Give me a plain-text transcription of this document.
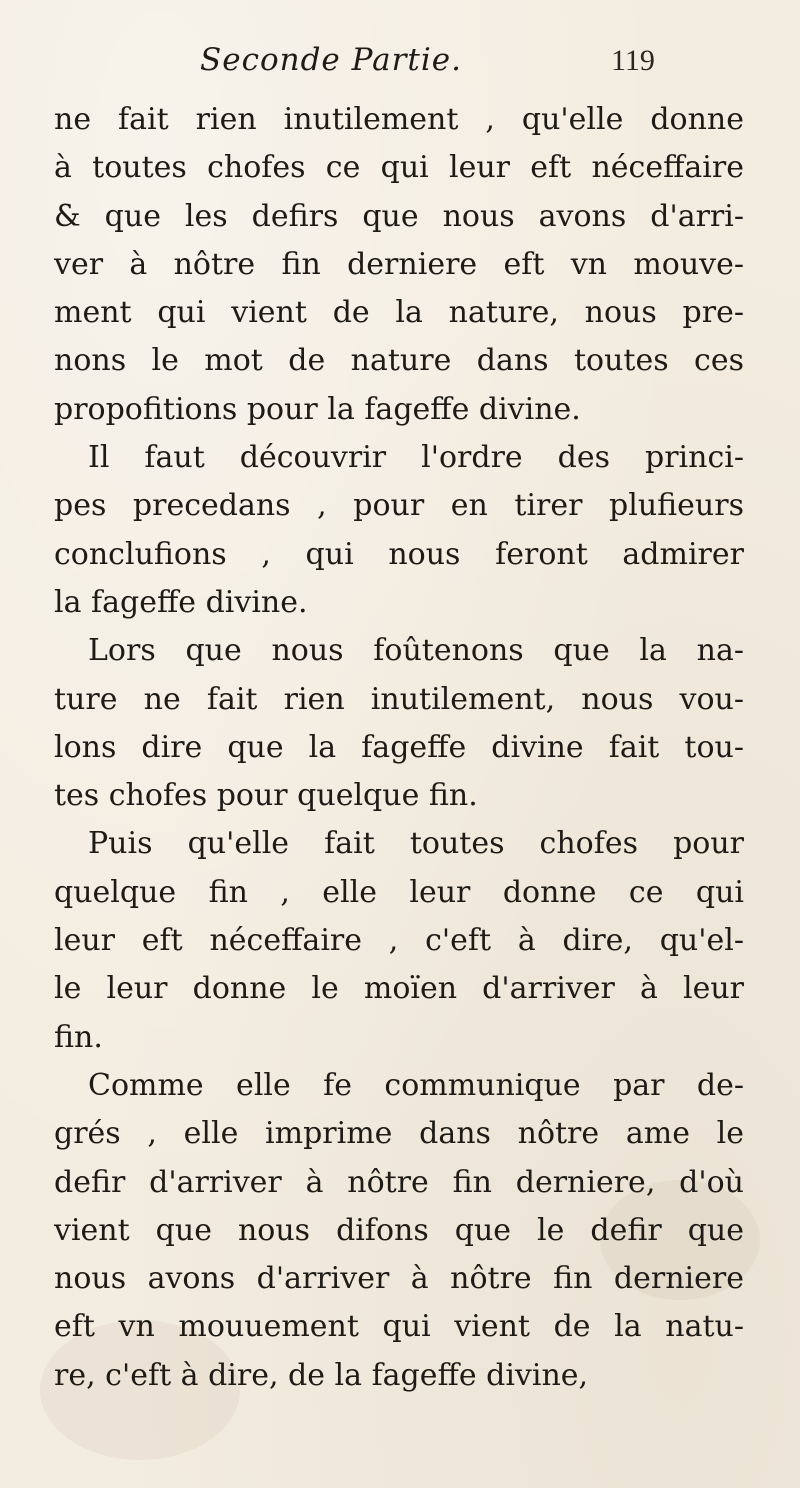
Seconde Partie.	119
ne fait rien inutilement , qu'elle donne
à toutes chofes ce qui leur eft néceffaire
& que les defirs que nous avons d'arri-
ver à nôtre fin derniere eft vn mouve-
ment qui vient de la nature, nous pre-
nons le mot de nature dans toutes ces
propofitions pour la fageffe divine.
Il faut découvrir l'ordre des princi-
pes precedans , pour en tirer plufieurs
conclufions , qui nous feront admirer
la fageffe divine.
Lors que nous foûtenons que la na-
ture ne fait rien inutilement, nous vou-
lons dire que la fageffe divine fait tou-
tes chofes pour quelque fin.
Puis qu'elle fait toutes chofes pour
quelque fin , elle leur donne ce qui
leur eft néceffaire , c'eft à dire, qu'el-
le leur donne le moïen d'arriver à leur
fin.
Comme elle fe communique par de-
grés , elle imprime dans nôtre ame le
defir d'arriver à nôtre fin derniere, d'où
vient que nous difons que le defir que
nous avons d'arriver à nôtre fin derniere
eft vn mouuement qui vient de la natu-
re, c'eft à dire, de la fageffe divine,
